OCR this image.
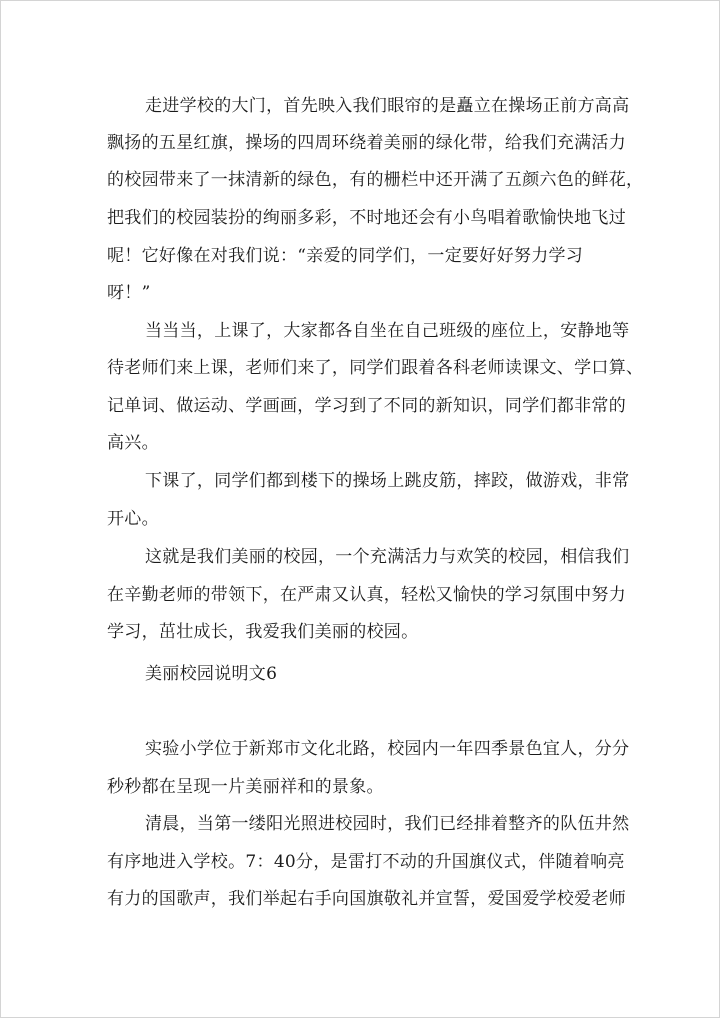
走进学校的大门，首先映入我们眼帘的是矗立在操场正前方高高
飘扬的五星红旗，操场的四周环绕着美丽的绿化带，给我们充满活力
的校园带来了一抹清新的绿色，有的栅栏中还开满了五颜六色的鲜花，
把我们的校园装扮的绚丽多彩，不时地还会有小鸟唱着歌愉快地飞过
呢！它好像在对我们说：“亲爱的同学们，一定要好好努力学习
呀！”
当当当，上课了，大家都各自坐在自己班级的座位上，安静地等
待老师们来上课，老师们来了，同学们跟着各科老师读课文、学口算、
记单词、做运动、学画画，学习到了不同的新知识，同学们都非常的
高兴。
下课了，同学们都到楼下的操场上跳皮筋，摔跤，做游戏，非常
开心。
这就是我们美丽的校园，一个充满活力与欢笑的校园，相信我们
在辛勤老师的带领下，在严肃又认真，轻松又愉快的学习氛围中努力
学习，茁壮成长，我爱我们美丽的校园。
美丽校园说明文6
实验小学位于新郑市文化北路，校园内一年四季景色宜人，分分
秒秒都在呈现一片美丽祥和的景象。
清晨，当第一缕阳光照进校园时，我们已经排着整齐的队伍井然
有序地进入学校。7：40分，是雷打不动的升国旗仪式，伴随着响亮
有力的国歌声，我们举起右手向国旗敬礼并宣誓，爱国爱学校爱老师
